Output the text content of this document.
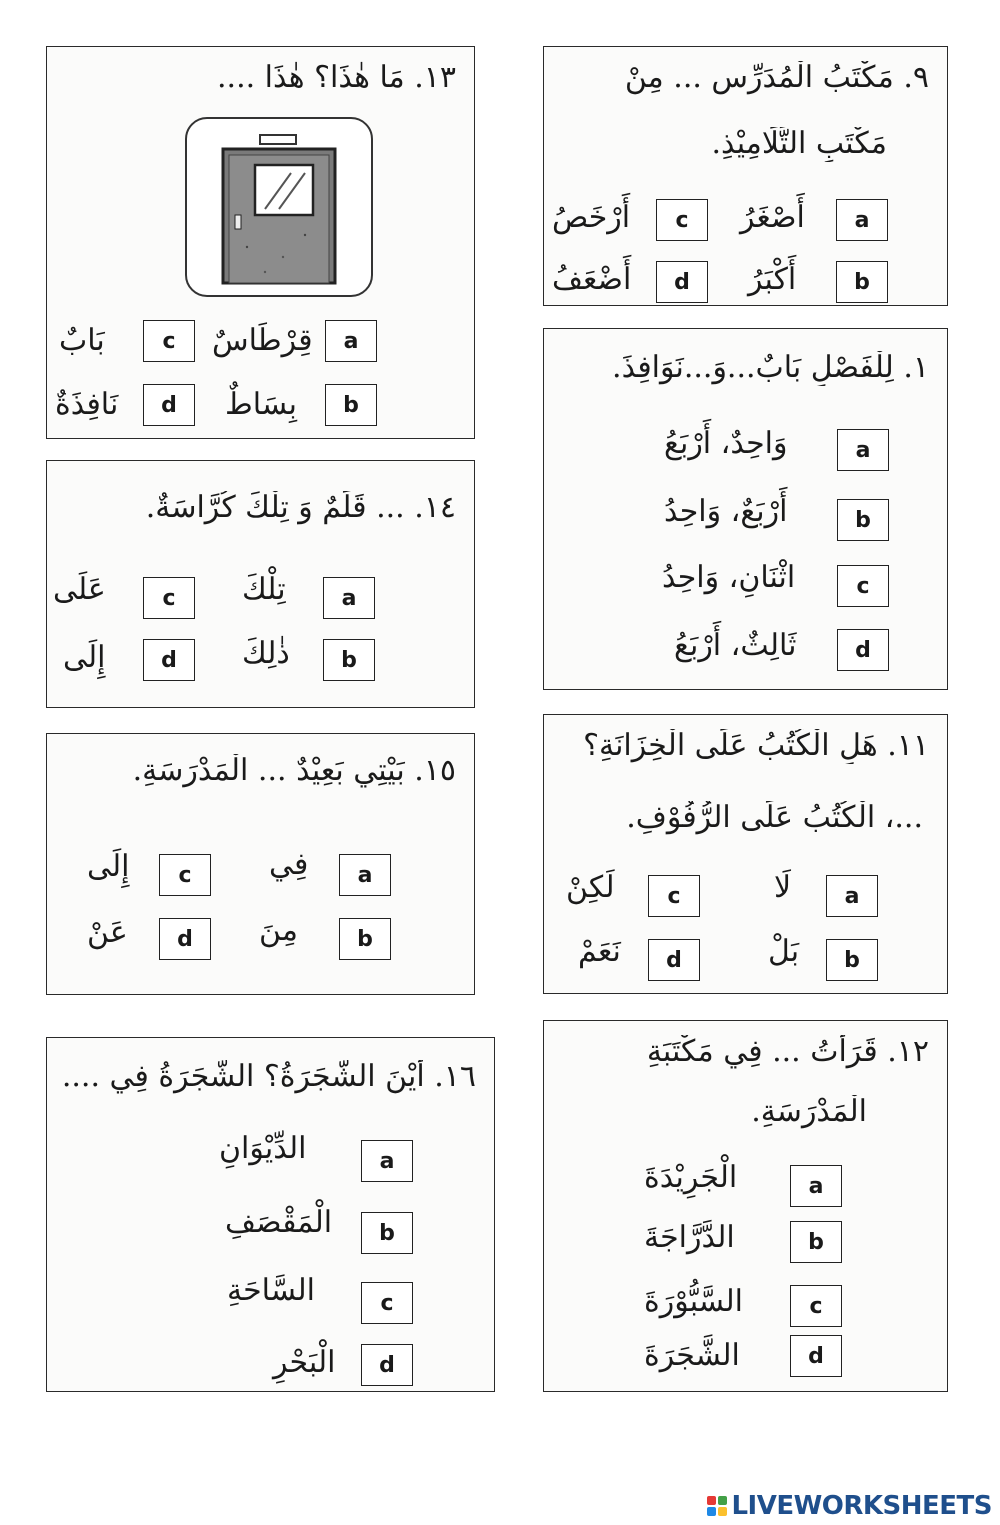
١٣. مَا هٰذَا؟ هٰذَا ....
a
قِرْطَاسٌ
c
بَابٌ
b
بِسَاطٌ
d
نَافِذَةٌ
٩. مَكْتَبُ الْمُدَرِّسِ ... مِنْ
مَكْتَبِ التَّلَامِيْذِ.
a
أَصْغَرُ
c
أَرْخَصُ
b
أَكْبَرُ
d
أَضْعَفُ
١. لِلْفَصْلِ بَابٌ...وَ...نَوَافِذَ.
a
وَاحِدٌ، أَرْبَعُ
b
أَرْبَعٌ، وَاحِدُ
c
اثْنَانِ، وَاحِدُ
d
ثَالِثٌ، أَرْبَعُ
١٤. ... قَلَمٌ وَ تِلْكَ كُرَّاسَةٌ.
a
تِلْكَ
c
عَلَى
b
ذٰلِكَ
d
إِلَى
١١. هَلِ الْكُتُبُ عَلَى الْخِزَانَةِ؟
...، الْكُتُبُ عَلَى الرُّفُوْفِ.
a
لَا
c
لَكِنْ
b
بَلْ
d
نَعَمْ
١٥. بَيْتِي بَعِيْدٌ ... الْمَدْرَسَةِ.
a
فِي
c
إِلَى
b
مِنَ
d
عَنْ
١٢. قَرَأْتُ ... فِي مَكْتَبَةِ
الْمَدْرَسَةِ.
a
الْجَرِيْدَةَ
b
الدَّرَّاجَةَ
c
السَّبُّوْرَةَ
d
الشَّجَرَةَ
١٦. أَيْنَ الشَّجَرَةُ؟ الشَّجَرَةُ فِي ....
a
الدِّيْوَانِ
b
الْمَقْصَفِ
c
السَّاحَةِ
d
الْبَحْرِ
LIVEWORKSHEETS
